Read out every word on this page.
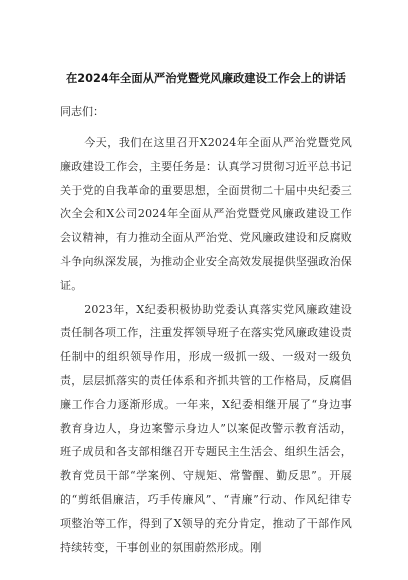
在2024年全面从严治党暨党风廉政建设工作会上的讲话

同志们：

今天，我们在这里召开X2024年全面从严治党暨党风廉政建设工作会，主要任务是：认真学习贯彻习近平总书记关于党的自我革命的重要思想，全面贯彻二十届中央纪委三次全会和X公司2024年全面从严治党暨党风廉政建设工作会议精神，有力推动全面从严治党、党风廉政建设和反腐败斗争向纵深发展，为推动企业安全高效发展提供坚强政治保证。

2023年，X纪委积极协助党委认真落实党风廉政建设责任制各项工作，注重发挥领导班子在落实党风廉政建设责任制中的组织领导作用，形成一级抓一级、一级对一级负责，层层抓落实的责任体系和齐抓共管的工作格局，反腐倡廉工作合力逐渐形成。一年来，X纪委相继开展了“身边事教育身边人，身边案警示身边人”以案促改警示教育活动，班子成员和各支部相继召开专题民主生活会、组织生活会，教育党员干部“学案例、守规矩、常警醒、勤反思”。开展的“剪纸倡廉洁，巧手传廉风”、“青廉”行动、作风纪律专项整治等工作，得到了X领导的充分肯定，推动了干部作风持续转变，干事创业的氛围蔚然形成。刚
